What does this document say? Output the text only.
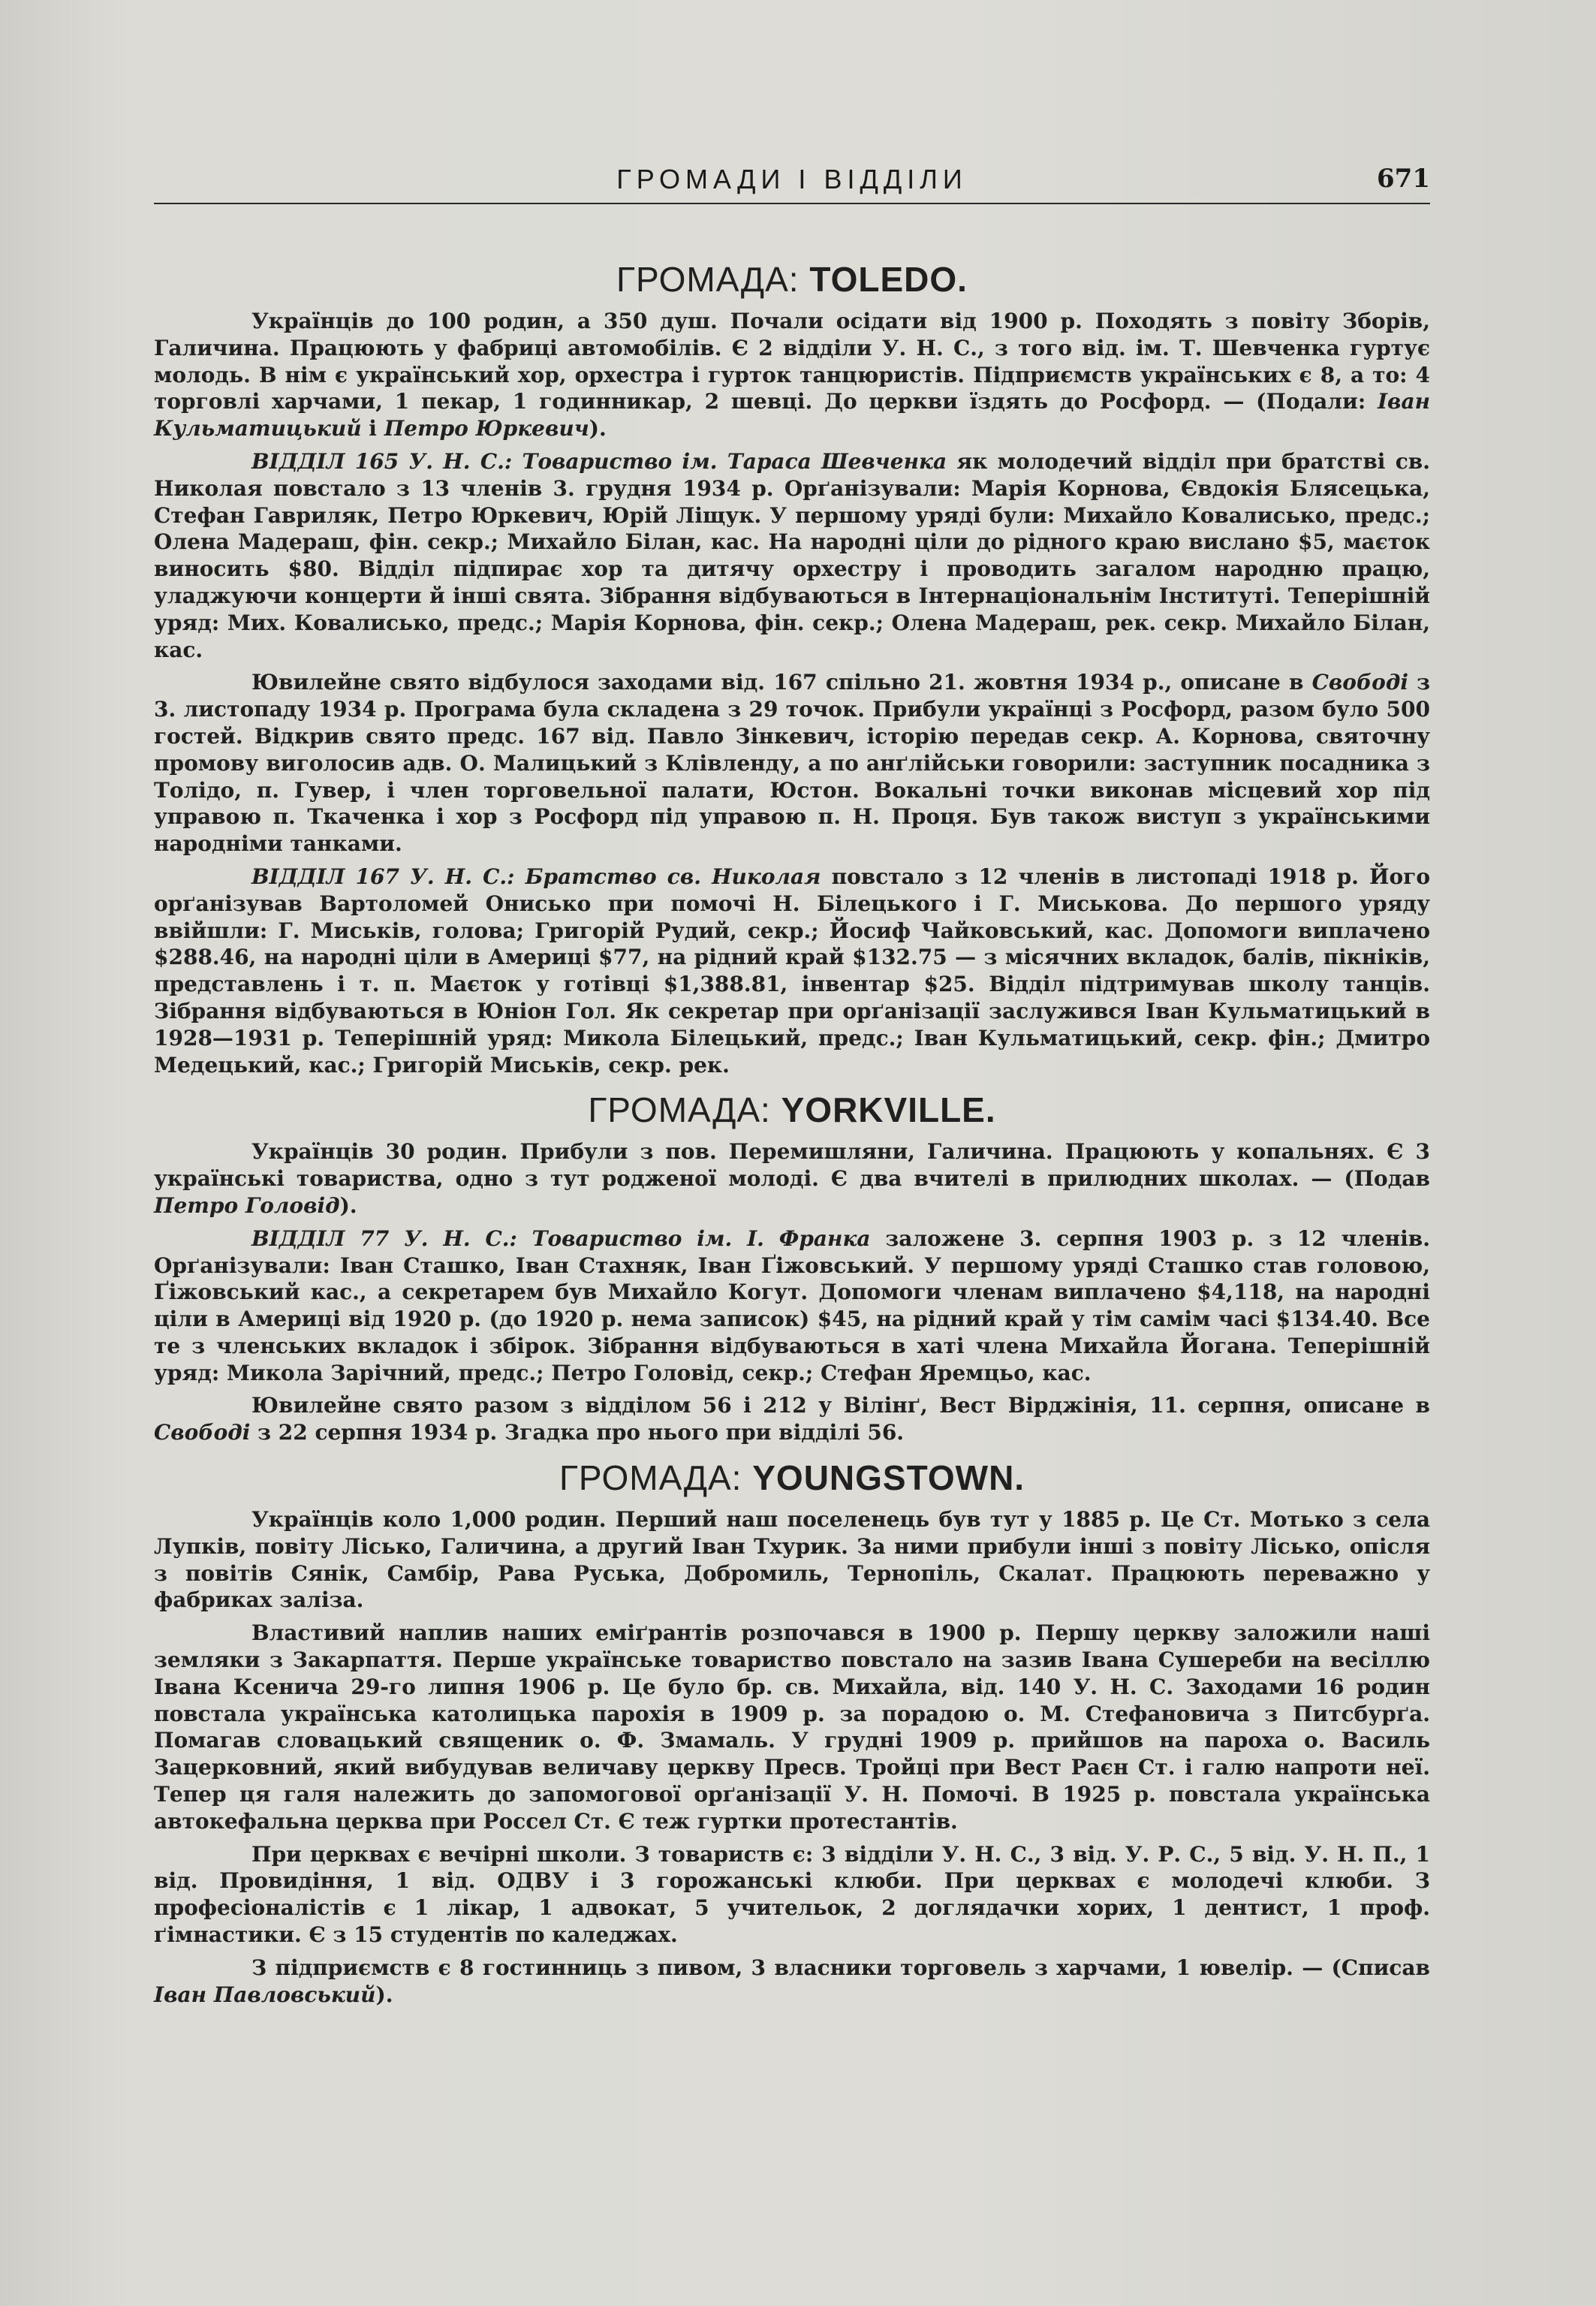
ГРОМАДИ І ВІДДІЛИ	671
ГРОМАДА: TOLEDO.

Українців до 100 родин, а 350 душ. Почали осідати від 1900 р. Походять з повіту Зборів, Галичина. Працюють у фабриці автомобілів. Є 2 відділи У. Н. С., з того від. ім. Т. Шевченка гуртує молодь. В нім є український хор, орхестра і гурток танцюристів. Підприємств українських є 8, а то: 4 торговлі харчами, 1 пекар, 1 годинникар, 2 шевці. До церкви їздять до Росфорд. — (Подали: Іван Кульматицький і Петро Юркевич).

ВІДДІЛ 165 У. Н. С.: Товариство ім. Тараса Шевченка як молодечий відділ при братстві св. Николая повстало з 13 членів 3. грудня 1934 р. Орґанізували: Марія Корнова, Євдокія Блясецька, Стефан Гавриляк, Петро Юркевич, Юрій Ліщук. У першому уряді були: Михайло Ковалисько, предс.; Олена Мадераш, фін. секр.; Михайло Білан, кас. На народні ціли до рідного краю вислано $5, маєток виносить $80. Відділ підпирає хор та дитячу орхестру і проводить загалом народню працю, уладжуючи концерти й інші свята. Зібрання відбуваються в Інтернаціональнім Інституті. Теперішній уряд: Мих. Ковалисько, предс.; Марія Корнова, фін. секр.; Олена Мадераш, рек. секр. Михайло Білан, кас.

Ювилейне свято відбулося заходами від. 167 спільно 21. жовтня 1934 р., описане в Свободі з 3. листопаду 1934 р. Програма була складена з 29 точок. Прибули українці з Росфорд, разом було 500 гостей. Відкрив свято предс. 167 від. Павло Зінкевич, історію передав секр. А. Корнова, святочну промову виголосив адв. О. Малицький з Клівленду, а по анґлійськи говорили: заступник посадника з Толідо, п. Гувер, і член торговельної палати, Юстон. Вокальні точки виконав місцевий хор під управою п. Ткаченка і хор з Росфорд під управою п. Н. Проця. Був також виступ з українськими народніми танками.

ВІДДІЛ 167 У. Н. С.: Братство св. Николая повстало з 12 членів в листопаді 1918 р. Його орґанізував Вартоломей Онисько при помочі Н. Білецького і Г. Миськова. До першого уряду ввійшли: Г. Миськів, голова; Григорій Рудий, секр.; Йосиф Чайковський, кас. Допомоги виплачено $288.46, на народні ціли в Америці $77, на рідний край $132.75 — з місячних вкладок, балів, пікніків, представлень і т. п. Маєток у готівці $1,388.81, інвентар $25. Відділ підтримував школу танців. Зібрання відбуваються в Юніон Гол. Як секретар при орґанізації заслужився Іван Кульматицький в 1928—1931 р. Теперішній уряд: Микола Білецький, предс.; Іван Кульматицький, секр. фін.; Дмитро Медецький, кас.; Григорій Миськів, секр. рек.

ГРОМАДА: YORKVILLE.

Українців 30 родин. Прибули з пов. Перемишляни, Галичина. Працюють у копальнях. Є 3 українські товариства, одно з тут родженої молоді. Є два вчителі в прилюдних школах. — (Подав Петро Головід).

ВІДДІЛ 77 У. Н. С.: Товариство ім. І. Франка заложене 3. серпня 1903 р. з 12 членів. Орґанізували: Іван Сташко, Іван Стахняк, Іван Ґіжовський. У першому уряді Сташко став головою, Ґіжовський кас., а секретарем був Михайло Когут. Допомоги членам виплачено $4,118, на народні ціли в Америці від 1920 р. (до 1920 р. нема записок) $45, на рідний край у тім самім часі $134.40. Все те з членських вкладок і збірок. Зібрання відбуваються в хаті члена Михайла Йогана. Теперішній уряд: Микола Зарічний, предс.; Петро Головід, секр.; Стефан Яремцьо, кас.

Ювилейне свято разом з відділом 56 і 212 у Вілінґ, Вест Вірджінія, 11. серпня, описане в Свободі з 22 серпня 1934 р. Згадка про нього при відділі 56.

ГРОМАДА: YOUNGSTOWN.

Українців коло 1,000 родин. Перший наш поселенець був тут у 1885 р. Це Ст. Мотько з села Лупків, повіту Лісько, Галичина, а другий Іван Тхурик. За ними прибули інші з повіту Лісько, опісля з повітів Сянік, Самбір, Рава Руська, Добромиль, Тернопіль, Скалат. Працюють переважно у фабриках заліза.

Властивий наплив наших еміґрантів розпочався в 1900 р. Першу церкву заложили наші земляки з Закарпаття. Перше українське товариство повстало на зазив Івана Сушереби на весіллю Івана Ксенича 29-го липня 1906 р. Це було бр. св. Михайла, від. 140 У. Н. С. Заходами 16 родин повстала українська католицька парохія в 1909 р. за порадою о. М. Стефановича з Питсбурґа. Помагав словацький священик о. Ф. Змамаль. У грудні 1909 р. прийшов на пароха о. Василь Зацерковний, який вибудував величаву церкву Пресв. Тройці при Вест Раєн Ст. і галю напроти неї. Тепер ця галя належить до запомогової орґанізації У. Н. Помочі. В 1925 р. повстала українська автокефальна церква при Россел Ст. Є теж гуртки протестантів.

При церквах є вечірні школи. З товариств є: 3 відділи У. Н. С., 3 від. У. Р. С., 5 від. У. Н. П., 1 від. Провидіння, 1 від. ОДВУ і 3 горожанські клюби. При церквах є молодечі клюби. З професіоналістів є 1 лікар, 1 адвокат, 5 учительок, 2 доглядачки хорих, 1 дентист, 1 проф. ґімнастики. Є з 15 студентів по каледжах.

З підприємств є 8 гостинниць з пивом, 3 власники торговель з харчами, 1 ювелір. — (Списав Іван Павловський).
